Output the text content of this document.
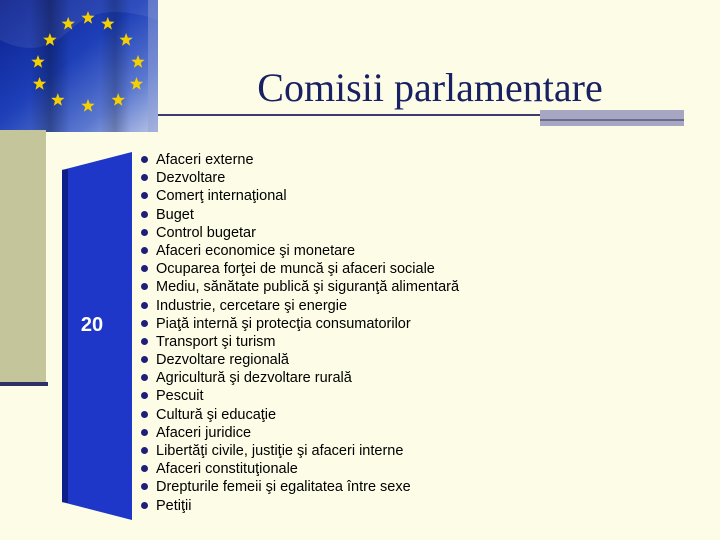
Comisii parlamentare
20
Afaceri externe
Dezvoltare
Comerţ internaţional
Buget
Control bugetar
Afaceri economice şi monetare
Ocuparea forţei de muncă şi afaceri sociale
Mediu, sănătate publică şi siguranţă alimentară
Industrie, cercetare şi energie
Piaţă internă şi protecţia consumatorilor
Transport şi turism
Dezvoltare regională
Agricultură şi dezvoltare rurală
Pescuit
Cultură şi educaţie
Afaceri juridice
Libertăţi civile, justiţie şi afaceri interne
Afaceri constituţionale
Drepturile femeii şi egalitatea între sexe
Petiţii
